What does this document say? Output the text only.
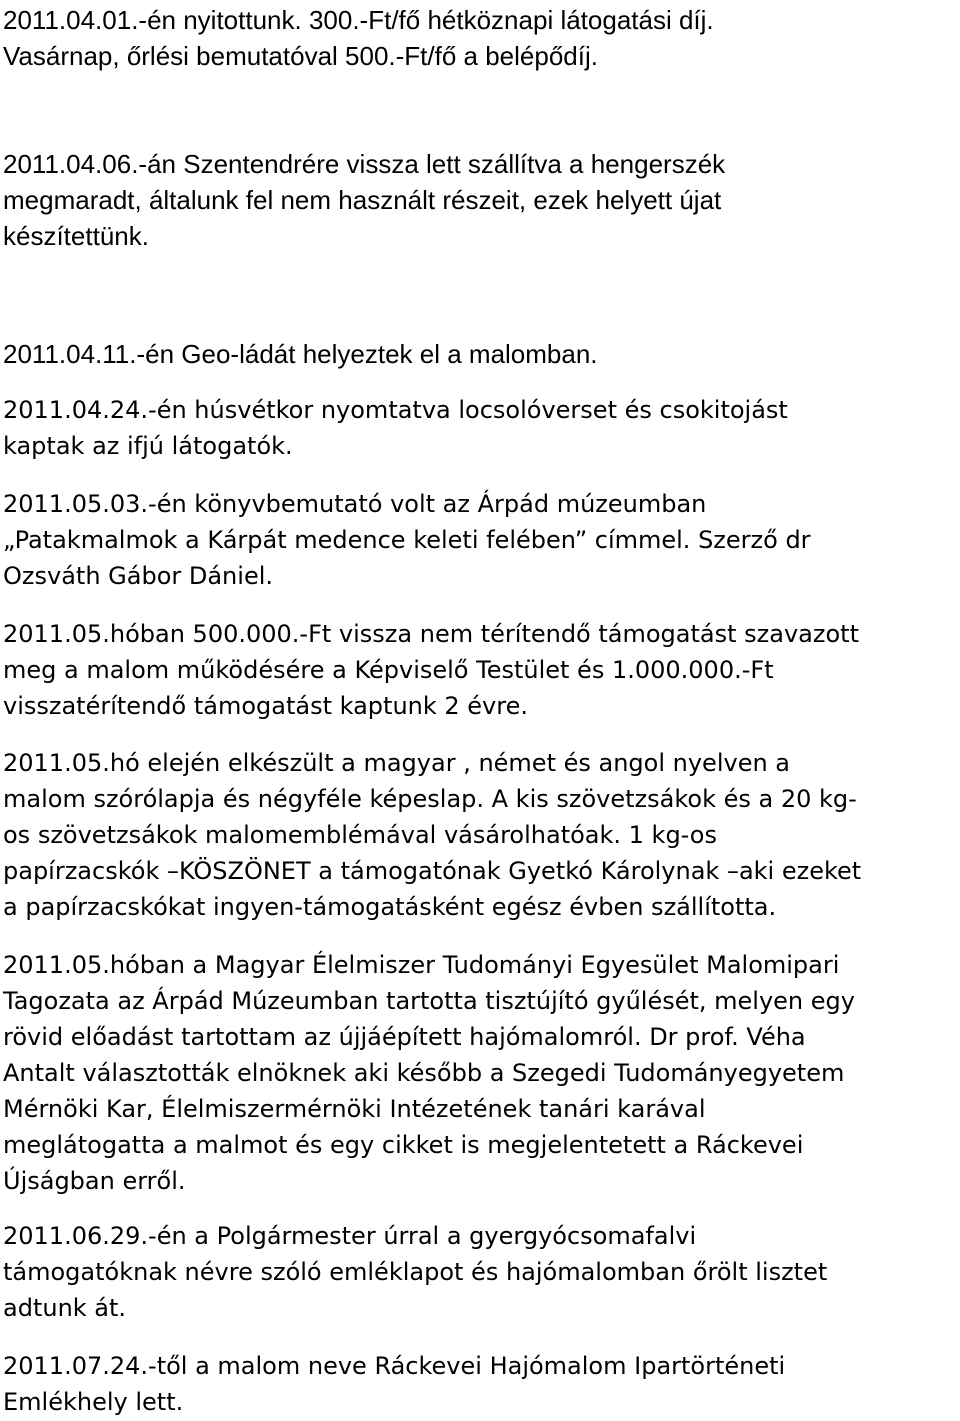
2011.04.01.-én nyitottunk. 300.-Ft/fő hétköznapi látogatási díj.
Vasárnap, őrlési bemutatóval 500.-Ft/fő a belépődíj.

2011.04.06.-án Szentendrére vissza lett szállítva a hengerszék
megmaradt, általunk fel nem használt részeit, ezek helyett újat
készítettünk.

2011.04.11.-én Geo-ládát helyeztek el a malomban.

2011.04.24.-én húsvétkor nyomtatva locsolóverset és csokitojást
kaptak az ifjú látogatók.

2011.05.03.-én könyvbemutató volt az Árpád múzeumban
„Patakmalmok a Kárpát medence keleti felében” címmel. Szerző dr
Ozsváth Gábor Dániel.

2011.05.hóban 500.000.-Ft vissza nem térítendő támogatást szavazott
meg a malom működésére a Képviselő Testület és 1.000.000.-Ft
visszatérítendő támogatást kaptunk 2 évre.

2011.05.hó elején elkészült a magyar , német és angol nyelven a
malom szórólapja és négyféle képeslap. A kis szövetzsákok és a 20 kg-
os szövetzsákok malomemblémával vásárolhatóak. 1 kg-os
papírzacskók –KÖSZÖNET a támogatónak Gyetkó Károlynak –aki ezeket
a papírzacskókat ingyen-támogatásként egész évben szállította.

2011.05.hóban a Magyar Élelmiszer Tudományi Egyesület Malomipari
Tagozata az Árpád Múzeumban tartotta tisztújító gyűlését, melyen egy
rövid előadást tartottam az újjáépített hajómalomról. Dr prof. Véha
Antalt választották elnöknek aki később a Szegedi Tudományegyetem
Mérnöki Kar, Élelmiszermérnöki Intézetének tanári karával
meglátogatta a malmot és egy cikket is megjelentetett a Ráckevei
Újságban erről.

2011.06.29.-én a Polgármester úrral a gyergyócsomafalvi
támogatóknak névre szóló emléklapot és hajómalomban őrölt lisztet
adtunk át.

2011.07.24.-től a malom neve Ráckevei Hajómalom Ipartörténeti
Emlékhely lett.
